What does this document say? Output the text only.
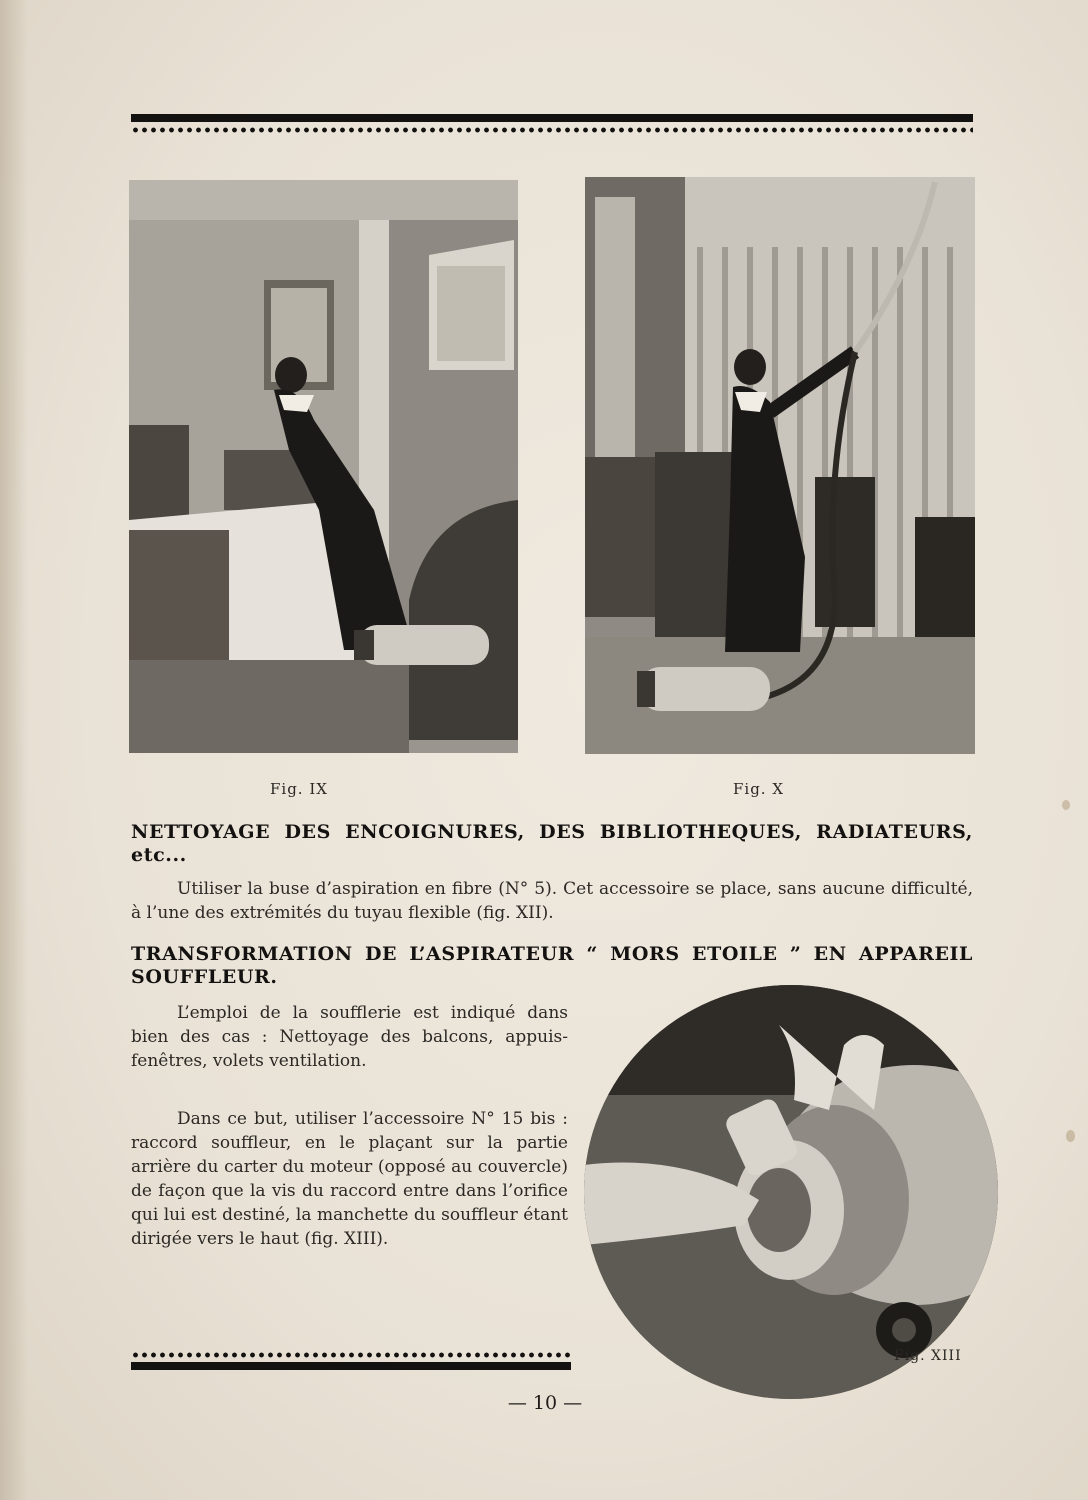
Fig. IX	Fig. X
NETTOYAGE DES ENCOIGNURES, DES BIBLIOTHEQUES, RADIATEURS, etc...
Utiliser la buse d’aspiration en fibre (N° 5). Cet accessoire se place, sans aucune difficulté, à l’une des extrémités du tuyau flexible (fig. XII).
TRANSFORMATION DE L’ASPIRATEUR “ MORS ETOILE ” EN APPAREIL SOUFFLEUR.
L’emploi de la soufflerie est indiqué dans bien des cas : Nettoyage des balcons, appuis-fenêtres, volets ventilation.
Dans ce but, utiliser l’accessoire N° 15 bis : raccord souffleur, en le plaçant sur la partie arrière du carter du moteur (opposé au couvercle) de façon que la vis du raccord entre dans l’orifice qui lui est destiné, la manchette du souffleur étant dirigée vers le haut (fig. XIII).
Fig. XIII
— 10 —
